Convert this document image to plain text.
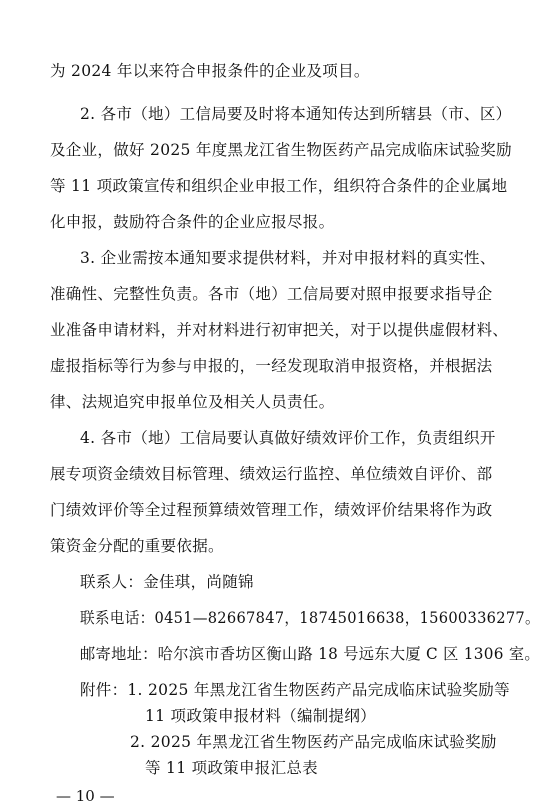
为 2024 年以来符合申报条件的企业及项目。
2. 各市（地）工信局要及时将本通知传达到所辖县（市、区）
及企业，做好 2025 年度黑龙江省生物医药产品完成临床试验奖励
等 11 项政策宣传和组织企业申报工作，组织符合条件的企业属地
化申报，鼓励符合条件的企业应报尽报。
3. 企业需按本通知要求提供材料，并对申报材料的真实性、
准确性、完整性负责。各市（地）工信局要对照申报要求指导企
业准备申请材料，并对材料进行初审把关，对于以提供虚假材料、
虚报指标等行为参与申报的，一经发现取消申报资格，并根据法
律、法规追究申报单位及相关人员责任。
4. 各市（地）工信局要认真做好绩效评价工作，负责组织开
展专项资金绩效目标管理、绩效运行监控、单位绩效自评价、部
门绩效评价等全过程预算绩效管理工作，绩效评价结果将作为政
策资金分配的重要依据。
联系人：金佳琪，尚随锦
联系电话：0451—82667847，18745016638，15600336277。
邮寄地址：哈尔滨市香坊区衡山路 18 号远东大厦 C 区 1306 室。
附件：1. 2025 年黑龙江省生物医药产品完成临床试验奖励等
11 项政策申报材料（编制提纲）
2. 2025 年黑龙江省生物医药产品完成临床试验奖励
等 11 项政策申报汇总表
— 10 —
